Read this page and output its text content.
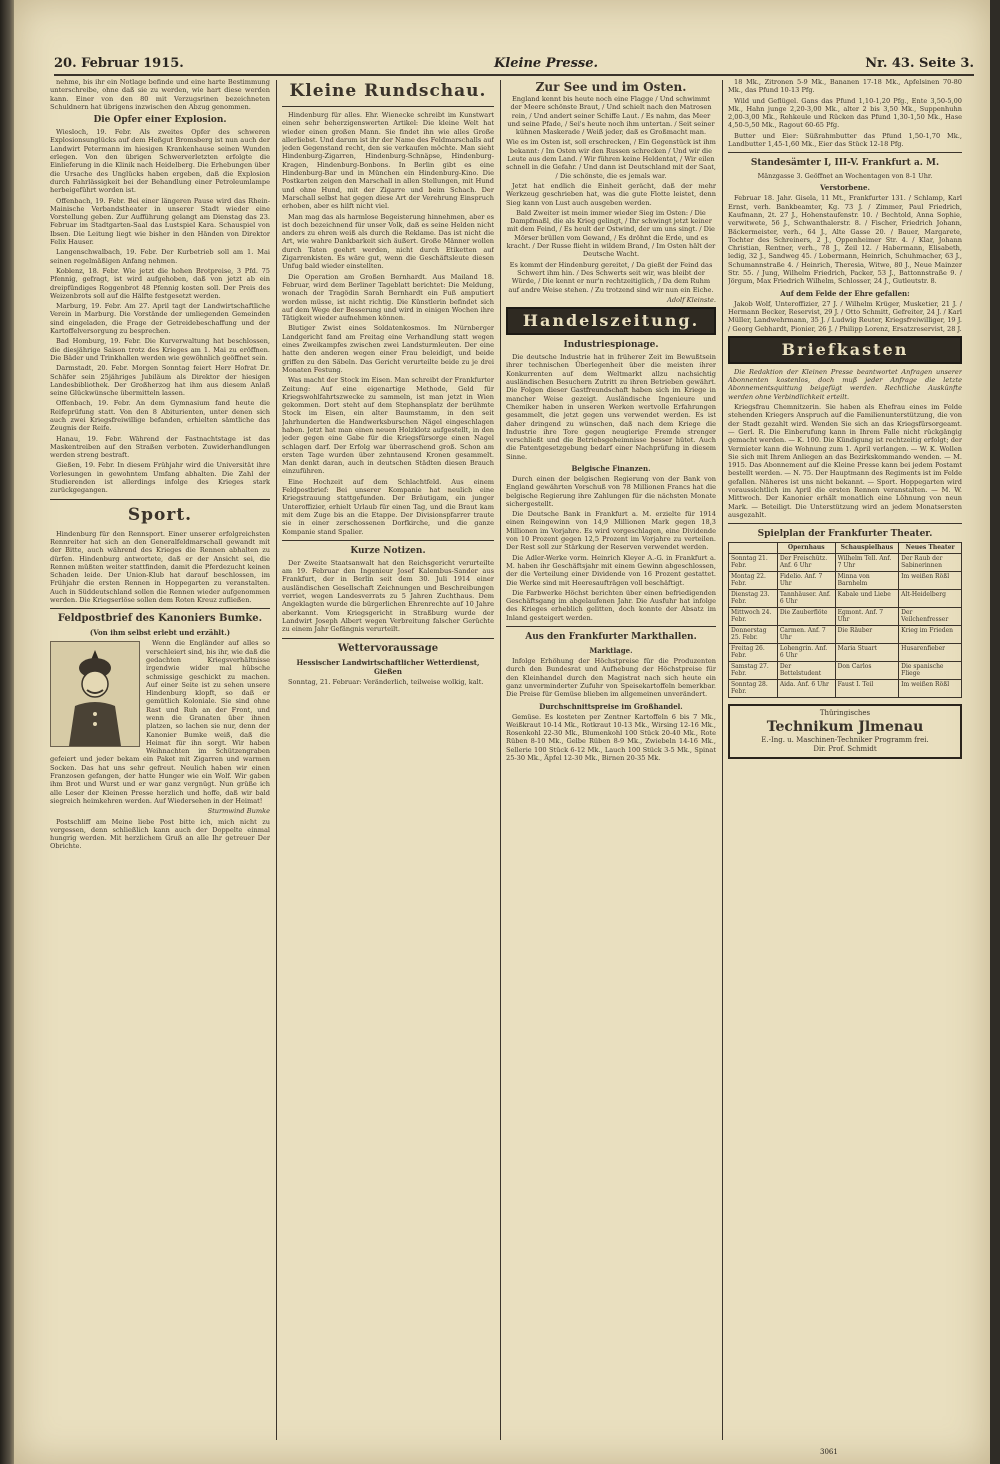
20. Februar 1915.	Kleine Presse.	Nr. 43. Seite 3.

nehme, bis ihr ein Notlage befinde und eine harte Bestimmung unterschreibe, ohne daß sie zu werden, wie hart diese werden kann. Einer von den 80 mit Verzugsrinen bezeichneten Schuldnern hat übrigens inzwischen den Abzug genommen.

Die Opfer einer Explosion.

Wiesloch, 19. Febr. Als zweites Opfer des schweren Explosionsunglücks auf dem Heßgut Bromsberg ist nun auch der Landwirt Petermann im hiesigen Krankenhause seinen Wunden erlegen. Von den übrigen Schwerverletzten erfolgte die Einlieferung in die Klinik nach Heidelberg. Die Erhebungen über die Ursache des Unglücks haben ergeben, daß die Explosion durch Fahrlässigkeit bei der Behandlung einer Petroleumlampe herbeigeführt worden ist.

Offenbach, 19. Febr. Bei einer längeren Pause wird das Rhein-Mainische Verbandstheater in unserer Stadt wieder eine Vorstellung geben. Zur Aufführung gelangt am Dienstag das 23. Februar im Stadtgarten-Saal das Lustspiel Kara. Schauspiel von Ibsen. Die Leitung liegt wie bisher in den Händen von Direktor Felix Hauser.

Langenschwalbach, 19. Febr. Der Kurbetrieb soll am 1. Mai seinen regelmäßigen Anfang nehmen.

Koblenz, 18. Febr. Wie jetzt die hohen Brotpreise, 3 Pfd. 75 Pfennig, gefragt, ist wird aufgehoben, daß von jetzt ab ein dreipfündiges Roggenbrot 48 Pfennig kosten soll. Der Preis des Weizenbrots soll auf die Hälfte festgesetzt werden.

Marburg, 19. Febr. Am 27. April tagt der Landwirtschaftliche Verein in Marburg. Die Vorstände der umliegenden Gemeinden sind eingeladen, die Frage der Getreidebeschaffung und der Kartoffelversorgung zu besprechen.

Bad Homburg, 19. Febr. Die Kurverwaltung hat beschlossen, die diesjährige Saison trotz des Krieges am 1. Mai zu eröffnen. Die Bäder und Trinkhallen werden wie gewöhnlich geöffnet sein.

Darmstadt, 20. Febr. Morgen Sonntag feiert Herr Hofrat Dr. Schäfer sein 25jähriges Jubiläum als Direktor der hiesigen Landesbibliothek. Der Großherzog hat ihm aus diesem Anlaß seine Glückwünsche übermitteln lassen.

Offenbach, 19. Febr. An dem Gymnasium fand heute die Reifeprüfung statt. Von den 8 Abiturienten, unter denen sich auch zwei Kriegsfreiwillige befanden, erhielten sämtliche das Zeugnis der Reife.

Hanau, 19. Febr. Während der Fastnachtstage ist das Maskentreiben auf den Straßen verboten. Zuwiderhandlungen werden streng bestraft.

Gießen, 19. Febr. In diesem Frühjahr wird die Universität ihre Vorlesungen in gewohntem Umfang abhalten. Die Zahl der Studierenden ist allerdings infolge des Krieges stark zurückgegangen.

Sport.

Hindenburg für den Rennsport. Einer unserer erfolgreichsten Rennreiter hat sich an den Generalfeldmarschall gewandt mit der Bitte, auch während des Krieges die Rennen abhalten zu dürfen. Hindenburg antwortete, daß er der Ansicht sei, die Rennen müßten weiter stattfinden, damit die Pferdezucht keinen Schaden leide. Der Union-Klub hat darauf beschlossen, im Frühjahr die ersten Rennen in Hoppegarten zu veranstalten. Auch in Süddeutschland sollen die Rennen wieder aufgenommen werden. Die Kriegserlöse sollen dem Roten Kreuz zufließen.

Feldpostbrief des Kanoniers Bumke.
(Von ihm selbst erlebt und erzählt.)

Wenn die Engländer auf alles so verschleiert sind, bis ihr, wie daß die gedachten Kriegsverhältnisse irgendwie wider mal hübsche schmissige geschickt zu machen. Auf einer Seite ist zu sehen unsere Hindenburg klopft, so daß er gemütlich Koloniale. Sie sind ohne Rast und Ruh an der Front, und wenn die Granaten über ihnen platzen, so lachen sie nur, denn der Kanonier Bumke weiß, daß die Heimat für ihn sorgt. Wir haben Weihnachten im Schützengraben gefeiert und jeder bekam ein Paket mit Zigarren und warmen Socken. Das hat uns sehr gefreut. Neulich haben wir einen Franzosen gefangen, der hatte Hunger wie ein Wolf. Wir gaben ihm Brot und Wurst und er war ganz vergnügt. Nun grüße ich alle Leser der Kleinen Presse herzlich und hoffe, daß wir bald siegreich heimkehren werden. Auf Wiedersehen in der Heimat!

Sturmwind Bumke

Postschliff am Meine liebe Post bitte ich, mich nicht zu vergessen, denn schließlich kann auch der Doppelte einmal hungrig werden. Mit herzlichem Gruß an alle Ihr getreuer Der Obrichte.

Kleine Rundschau.

Hindenburg für alles. Ehr. Wienecke schreibt im Kunstwart einen sehr beherzigenswerten Artikel: Die kleine Welt hat wieder einen großen Mann. Sie findet ihn wie alles Große allerliebst. Und darum ist ihr der Name des Feldmarschalls auf jeden Gegenstand recht, den sie verkaufen möchte. Man sieht Hindenburg-Zigarren, Hindenburg-Schnäpse, Hindenburg-Kragen, Hindenburg-Bonbons. In Berlin gibt es eine Hindenburg-Bar und in München ein Hindenburg-Kino. Die Postkarten zeigen den Marschall in allen Stellungen, mit Hund und ohne Hund, mit der Zigarre und beim Schach. Der Marschall selbst hat gegen diese Art der Verehrung Einspruch erhoben, aber es hilft nicht viel.

Man mag das als harmlose Begeisterung hinnehmen, aber es ist doch bezeichnend für unser Volk, daß es seine Helden nicht anders zu ehren weiß als durch die Reklame. Das ist nicht die Art, wie wahre Dankbarkeit sich äußert. Große Männer wollen durch Taten geehrt werden, nicht durch Etiketten auf Zigarrenkisten. Es wäre gut, wenn die Geschäftsleute diesen Unfug bald wieder einstellten.

Die Operation am Großen Bernhardt. Aus Mailand 18. Februar, wird dem Berliner Tageblatt berichtet: Die Meldung, wonach der Tragödin Sarah Bernhardt ein Fuß amputiert worden müsse, ist nicht richtig. Die Künstlerin befindet sich auf dem Wege der Besserung und wird in einigen Wochen ihre Tätigkeit wieder aufnehmen können.

Blutiger Zwist eines Soldatenkosmos. Im Nürnberger Landgericht fand am Freitag eine Verhandlung statt wegen eines Zweikampfes zwischen zwei Landsturmleuten. Der eine hatte den anderen wegen einer Frau beleidigt, und beide griffen zu den Säbeln. Das Gericht verurteilte beide zu je drei Monaten Festung.

Was macht der Stock im Eisen. Man schreibt der Frankfurter Zeitung: Auf eine eigenartige Methode, Geld für Kriegswohlfahrtszwecke zu sammeln, ist man jetzt in Wien gekommen. Dort steht auf dem Stephansplatz der berühmte Stock im Eisen, ein alter Baumstamm, in den seit Jahrhunderten die Handwerksburschen Nägel eingeschlagen haben. Jetzt hat man einen neuen Holzklotz aufgestellt, in den jeder gegen eine Gabe für die Kriegsfürsorge einen Nagel schlagen darf. Der Erfolg war überraschend groß. Schon am ersten Tage wurden über zehntausend Kronen gesammelt. Man denkt daran, auch in deutschen Städten diesen Brauch einzuführen.

Eine Hochzeit auf dem Schlachtfeld. Aus einem Feldpostbrief: Bei unserer Kompanie hat neulich eine Kriegstrauung stattgefunden. Der Bräutigam, ein junger Unteroffizier, erhielt Urlaub für einen Tag, und die Braut kam mit dem Zuge bis an die Etappe. Der Divisionspfarrer traute sie in einer zerschossenen Dorfkirche, und die ganze Kompanie stand Spalier.

Kurze Notizen.

Der Zweite Staatsanwalt hat den Reichsgericht verurteilte am 19. Februar den Ingenieur Josef Kalembus-Sander aus Frankfurt, der in Berlin seit dem 30. Juli 1914 einer ausländischen Gesellschaft Zeichnungen und Beschreibungen verriet, wegen Landesverrats zu 5 Jahren Zuchthaus. Dem Angeklagten wurde die bürgerlichen Ehrenrechte auf 10 Jahre aberkannt. Vom Kriegsgericht in Straßburg wurde der Landwirt Joseph Albert wegen Verbreitung falscher Gerüchte zu einem Jahr Gefängnis verurteilt.

Wettervoraussage
Hessischer Landwirtschaftlicher Wetterdienst, Gießen

Sonntag, 21. Februar: Veränderlich, teilweise wolkig, kalt.

Zur See und im Osten.

England kennt bis heute noch eine Flagge / Und schwimmt der Meere schönste Braut, / Und schielt nach den Matrosen rein, / Und andert seiner Schiffe Laut. / Es nahm, das Meer und seine Pfade, / Sei's heute noch ihm untertan. / Seit seiner kühnen Maskerade / Weiß jeder, daß es Großmacht man.

Wie es im Osten ist, soll erschrecken, / Ein Gegenstück ist ihm bekannt: / Im Osten wir den Russen schrecken / Und wir die Leute aus dem Land. / Wir führen keine Heldentat, / Wir eilen schnell in die Gefahr. / Und dann ist Deutschland mit der Saat, / Die schönste, die es jemals war.

Jetzt hat endlich die Einheit gerächt, daß der mehr Werkzeug geschrieben hat, was die gute Flotte leistet, denn Sieg kann von Lust auch ausgeben werden.

Bald Zweiter ist mein immer wieder Sieg im Osten: / Die Dampfmaßl, die als Krieg gelingt, / Ihr schwingt jetzt keiner mit dem Feind, / Es heult der Ostwind, der um uns singt. / Die Mörser brüllen vom Gewand, / Es dröhnt die Erde, und es kracht. / Der Russe flieht in wildem Brand, / Im Osten hält der Deutsche Wacht.

Es kommt der Hindenburg gereitet, / Da gießt der Feind das Schwert ihm hin. / Des Schwerts seit wir, was bleibt der Würde, / Die kennt er nur'n rechtzeitiglich, / Da dem Ruhm auf andre Weise stehen. / Zu trotzend sind wir nun ein Eiche.

Adolf Kleinste.

Handelszeitung.
Industriespionage.

Die deutsche Industrie hat in früherer Zeit im Bewußtsein ihrer technischen Überlegenheit über die meisten ihrer Konkurrenten auf dem Weltmarkt allzu nachsichtig ausländischen Besuchern Zutritt zu ihren Betrieben gewährt. Die Folgen dieser Gastfreundschaft haben sich im Kriege in mancher Weise gezeigt. Ausländische Ingenieure und Chemiker haben in unseren Werken wertvolle Erfahrungen gesammelt, die jetzt gegen uns verwendet werden. Es ist daher dringend zu wünschen, daß nach dem Kriege die Industrie ihre Tore gegen neugierige Fremde strenger verschließt und die Betriebsgeheimnisse besser hütet. Auch die Patentgesetzgebung bedarf einer Nachprüfung in diesem Sinne.

Belgische Finanzen.

Durch einen der belgischen Regierung von der Bank von England gewährten Vorschuß von 78 Millionen Francs hat die belgische Regierung ihre Zahlungen für die nächsten Monate sichergestellt.

Die Deutsche Bank in Frankfurt a. M. erzielte für 1914 einen Reingewinn von 14,9 Millionen Mark gegen 18,3 Millionen im Vorjahre. Es wird vorgeschlagen, eine Dividende von 10 Prozent gegen 12,5 Prozent im Vorjahre zu verteilen. Der Rest soll zur Stärkung der Reserven verwendet werden.

Die Adler-Werke vorm. Heinrich Kleyer A.-G. in Frankfurt a. M. haben ihr Geschäftsjahr mit einem Gewinn abgeschlossen, der die Verteilung einer Dividende von 16 Prozent gestattet. Die Werke sind mit Heeresaufträgen voll beschäftigt.

Die Farbwerke Höchst berichten über einen befriedigenden Geschäftsgang im abgelaufenen Jahr. Die Ausfuhr hat infolge des Krieges erheblich gelitten, doch konnte der Absatz im Inland gesteigert werden.

Aus den Frankfurter Markthallen.
Marktlage.

Infolge Erhöhung der Höchstpreise für die Produzenten durch den Bundesrat und Aufhebung der Höchstpreise für den Kleinhandel durch den Magistrat nach sich heute ein ganz unverminderter Zufuhr von Speisekartoffeln bemerkbar. Die Preise für Gemüse blieben im allgemeinen unverändert.

Durchschnittspreise im Großhandel.

Gemüse. Es kosteten per Zentner Kartoffeln 6 bis 7 Mk., Weißkraut 10-14 Mk., Rotkraut 10-13 Mk., Wirsing 12-16 Mk., Rosenkohl 22-30 Mk., Blumenkohl 100 Stück 20-40 Mk., Rote Rüben 8-10 Mk., Gelbe Rüben 8-9 Mk., Zwiebeln 14-16 Mk., Sellerie 100 Stück 6-12 Mk., Lauch 100 Stück 3-5 Mk., Spinat 25-30 Mk., Äpfel 12-30 Mk., Birnen 20-35 Mk.

18 Mk., Zitronen 5-9 Mk., Bananen 17-18 Mk., Apfelsinen 70-80 Mk., das Pfund 10-13 Pfg.

Wild und Geflügel. Gans das Pfund 1,10-1,20 Pfg., Ente 3,50-5,00 Mk., Hahn junge 2,20-3,00 Mk., alter 2 bis 3,50 Mk., Suppenhuhn 2,00-3,00 Mk., Rehkeule und Rücken das Pfund 1,30-1,50 Mk., Hase 4,50-5,50 Mk., Ragout 60-65 Pfg.

Butter und Eier: Süßrahmbutter das Pfund 1,50-1,70 Mk., Landbutter 1,45-1,60 Mk., Eier das Stück 12-18 Pfg.

Standesämter I, III-V. Frankfurt a. M.
Mänzgasse 3. Geöffnet an Wochentagen von 8-1 Uhr.
Verstorbene.

Februar 18. Jahr. Gisela, 11 Mt., Frankfurter 131. / Schlamp, Karl Ernst, verh. Bankbeamter, Kg. 73 J. / Zimmer, Paul Friedrich, Kaufmann, 2t. 27 J., Hohenstaufenstr. 10. / Bechtold, Anna Sophie, verwitwete, 56 J., Schwanthalerstr. 8. / Fischer, Friedrich Johann, Bäckermeister, verh., 64 J., Alte Gasse 20. / Bauer, Margarete, Tochter des Schreiners, 2 J., Oppenheimer Str. 4. / Klar, Johann Christian, Rentner, verh., 78 J., Zeil 12. / Habermann, Elisabeth, ledig, 32 J., Sandweg 45. / Lobermann, Heinrich, Schuhmacher, 63 J., Schumannstraße 4. / Heinrich, Theresia, Witwe, 80 J., Neue Mainzer Str. 55. / Jung, Wilhelm Friedrich, Packer, 53 J., Battonnstraße 9. / Jörgum, Max Friedrich Wilhelm, Schlosser, 24 J., Gutleutstr. 8.

Auf dem Felde der Ehre gefallen:

Jakob Wolf, Unteroffizier, 27 J. / Wilhelm Krüger, Musketier, 21 J. / Hermann Becker, Reservist, 29 J. / Otto Schmitt, Gefreiter, 24 J. / Karl Müller, Landwehrmann, 35 J. / Ludwig Reuter, Kriegsfreiwilliger, 19 J. / Georg Gebhardt, Pionier, 26 J. / Philipp Lorenz, Ersatzreservist, 28 J.

Briefkasten

Die Redaktion der Kleinen Presse beantwortet Anfragen unserer Abonnenten kostenlos, doch muß jeder Anfrage die letzte Abonnementsquittung beigefügt werden. Rechtliche Auskünfte werden ohne Verbindlichkeit erteilt.

Kriegsfrau Chemnitzerin. Sie haben als Ehefrau eines im Felde stehenden Kriegers Anspruch auf die Familienunterstützung, die von der Stadt gezahlt wird. Wenden Sie sich an das Kriegsfürsorgeamt. — Gerl. R. Die Einberufung kann in Ihrem Falle nicht rückgängig gemacht werden. — K. 100. Die Kündigung ist rechtzeitig erfolgt; der Vermieter kann die Wohnung zum 1. April verlangen. — W. K. Wollen Sie sich mit Ihrem Anliegen an das Bezirkskommando wenden. — M. 1915. Das Abonnement auf die Kleine Presse kann bei jedem Postamt bestellt werden. — N. 75. Der Hauptmann des Regiments ist im Felde gefallen. Näheres ist uns nicht bekannt. — Sport. Hoppegarten wird voraussichtlich im April die ersten Rennen veranstalten. — M. W. Mittwoch. Der Kanonier erhält monatlich eine Löhnung von neun Mark. — Beteiligt. Die Unterstützung wird an jedem Monatsersten ausgezahlt.

Spielplan der Frankfurter Theater.
	Opernhaus	Schauspielhaus	Neues Theater
Sonntag 21. Febr.	Der Freischütz. Anf. 6 Uhr	Wilhelm Tell. Anf. 7 Uhr	Der Raub der Sabinerinnen
Montag 22. Febr.	Fidelio. Anf. 7 Uhr	Minna von Barnhelm	Im weißen Rößl
Dienstag 23. Febr.	Tannhäuser. Anf. 6 Uhr	Kabale und Liebe	Alt-Heidelberg
Mittwoch 24. Febr.	Die Zauberflöte	Egmont. Anf. 7 Uhr	Der Veilchenfresser
Donnerstag 25. Febr.	Carmen. Anf. 7 Uhr	Die Räuber	Krieg im Frieden
Freitag 26. Febr.	Lohengrin. Anf. 6 Uhr	Maria Stuart	Husarenfieber
Samstag 27. Febr.	Der Bettelstudent	Don Carlos	Die spanische Fliege
Sonntag 28. Febr.	Aida. Anf. 6 Uhr	Faust I. Teil	Im weißen Rößl
Thüringisches
Technikum Jlmenau
E.-Ing. u. Maschinen-Techniker Programm frei.
Dir. Prof. Schmidt
3061
